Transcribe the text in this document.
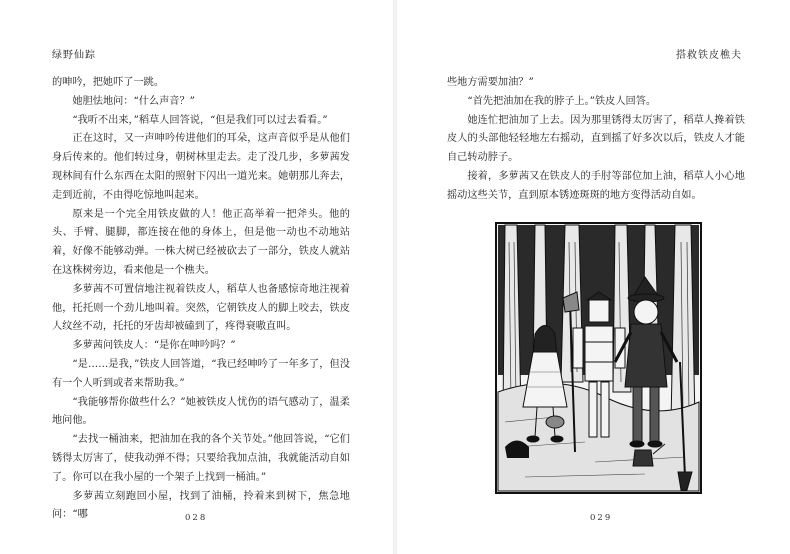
绿野仙踪

的呻吟，把她吓了一跳。

她胆怯地问：“什么声音？”

“我听不出来，”稻草人回答说，“但是我们可以过去看看。”

正在这时，又一声呻吟传进他们的耳朵，这声音似乎是从他们身后传来的。他们转过身，朝树林里走去。走了没几步，多萝茜发现林间有什么东西在太阳的照射下闪出一道光来。她朝那儿奔去，走到近前，不由得吃惊地叫起来。

原来是一个完全用铁皮做的人！他正高举着一把斧头。他的头、手臂、腿脚，都连接在他的身体上，但是他一动也不动地站着，好像不能够动弹。一株大树已经被砍去了一部分，铁皮人就站在这株树旁边，看来他是一个樵夫。

多萝茜不可置信地注视着铁皮人，稻草人也备感惊奇地注视着他，托托则一个劲儿地叫着。突然，它朝铁皮人的脚上咬去，铁皮人纹丝不动，托托的牙齿却被磕到了，疼得衰嗷直叫。

多萝茜问铁皮人：“是你在呻吟吗？”

“是……是我，”铁皮人回答道，“我已经呻吟了一年多了，但没有一个人听到或者来帮助我。”

“我能够帮你做些什么？”她被铁皮人忧伤的语气感动了，温柔地问他。

“去找一桶油来，把油加在我的各个关节处。”他回答说，“它们锈得太厉害了，使我动弹不得；只要给我加点油，我就能活动自如了。你可以在我小屋的一个架子上找到一桶油。”

多萝茜立刻跑回小屋，找到了油桶，拎着来到树下，焦急地问：“哪	028
搭救铁皮樵夫
029

些地方需要加油？”

“首先把油加在我的脖子上。”铁皮人回答。

她连忙把油加了上去。因为那里锈得太厉害了，稻草人搀着铁皮人的头部他轻轻地左右摇动，直到摇了好多次以后，铁皮人才能自己转动脖子。

接着，多萝茜又在铁皮人的手肘等部位加上油，稻草人小心地摇动这些关节，直到原本锈迹斑斑的地方变得活动自如。
